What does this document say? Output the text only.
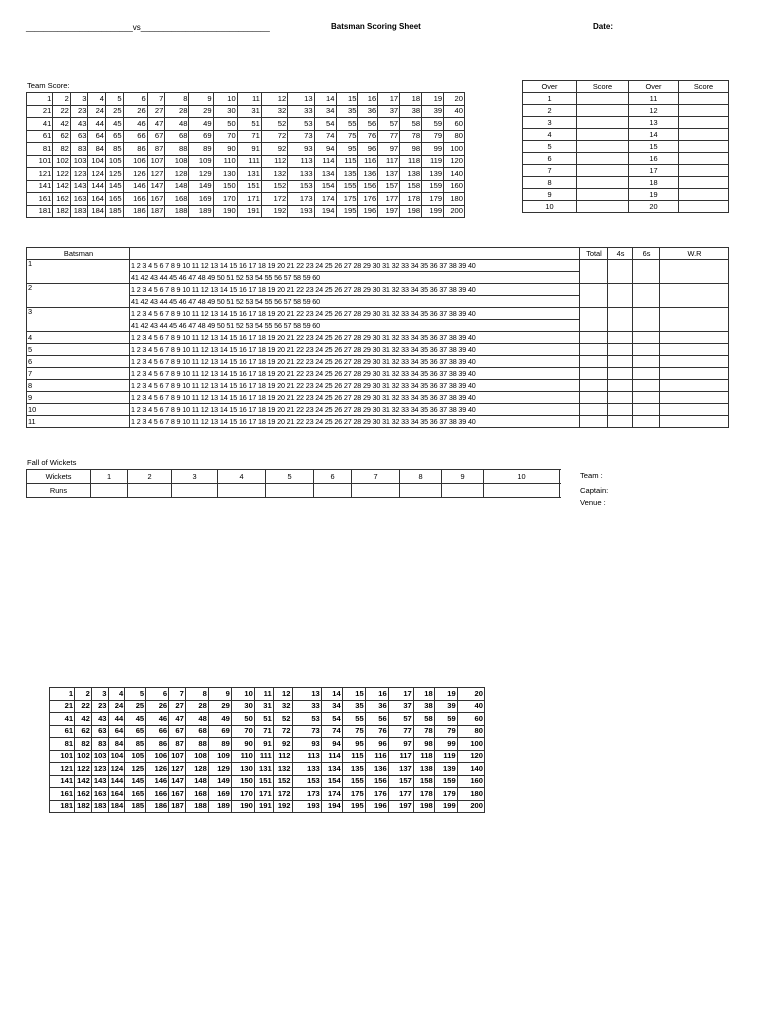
________________________vs_____________________________	Batsman Scoring Sheet	Date:
Team Score:
1	2	3	4	5	6	7	8	9	10	11	12	13	14	15	16	17	18	19	20
21	22	23	24	25	26	27	28	29	30	31	32	33	34	35	36	37	38	39	40
41	42	43	44	45	46	47	48	49	50	51	52	53	54	55	56	57	58	59	60
61	62	63	64	65	66	67	68	69	70	71	72	73	74	75	76	77	78	79	80
81	82	83	84	85	86	87	88	89	90	91	92	93	94	95	96	97	98	99	100
101	102	103	104	105	106	107	108	109	110	111	112	113	114	115	116	117	118	119	120
121	122	123	124	125	126	127	128	129	130	131	132	133	134	135	136	137	138	139	140
141	142	143	144	145	146	147	148	149	150	151	152	153	154	155	156	157	158	159	160
161	162	163	164	165	166	167	168	169	170	171	172	173	174	175	176	177	178	179	180
181	182	183	184	185	186	187	188	189	190	191	192	193	194	195	196	197	198	199	200
Over	Score	Over	Score
1		11	
2		12	
3		13	
4		14	
5		15	
6		16	
7		17	
8		18	
9		19	
10		20	
Batsman		Total	4s	6s	W.R
1	1 2 3 4 5 6 7 8 9 10 11 12 13 14 15 16 17 18 19 20 21 22 23 24 25 26 27 28 29 30 31 32 33 34 35 36 37 38 39 40				
	41 42 43 44 45 46 47 48 49 50 51 52 53 54 55 56 57 58 59 60				
2	1 2 3 4 5 6 7 8 9 10 11 12 13 14 15 16 17 18 19 20 21 22 23 24 25 26 27 28 29 30 31 32 33 34 35 36 37 38 39 40				
	41 42 43 44 45 46 47 48 49 50 51 52 53 54 55 56 57 58 59 60				
3	1 2 3 4 5 6 7 8 9 10 11 12 13 14 15 16 17 18 19 20 21 22 23 24 25 26 27 28 29 30 31 32 33 34 35 36 37 38 39 40				
	41 42 43 44 45 46 47 48 49 50 51 52 53 54 55 56 57 58 59 60				
4	1 2 3 4 5 6 7 8 9 10 11 12 13 14 15 16 17 18 19 20 21 22 23 24 25 26 27 28 29 30 31 32 33 34 35 36 37 38 39 40				
5	1 2 3 4 5 6 7 8 9 10 11 12 13 14 15 16 17 18 19 20 21 22 23 24 25 26 27 28 29 30 31 32 33 34 35 36 37 38 39 40				
6	1 2 3 4 5 6 7 8 9 10 11 12 13 14 15 16 17 18 19 20 21 22 23 24 25 26 27 28 29 30 31 32 33 34 35 36 37 38 39 40				
7	1 2 3 4 5 6 7 8 9 10 11 12 13 14 15 16 17 18 19 20 21 22 23 24 25 26 27 28 29 30 31 32 33 34 35 36 37 38 39 40				
8	1 2 3 4 5 6 7 8 9 10 11 12 13 14 15 16 17 18 19 20 21 22 23 24 25 26 27 28 29 30 31 32 33 34 35 36 37 38 39 40				
9	1 2 3 4 5 6 7 8 9 10 11 12 13 14 15 16 17 18 19 20 21 22 23 24 25 26 27 28 29 30 31 32 33 34 35 36 37 38 39 40				
10	1 2 3 4 5 6 7 8 9 10 11 12 13 14 15 16 17 18 19 20 21 22 23 24 25 26 27 28 29 30 31 32 33 34 35 36 37 38 39 40				
11	1 2 3 4 5 6 7 8 9 10 11 12 13 14 15 16 17 18 19 20 21 22 23 24 25 26 27 28 29 30 31 32 33 34 35 36 37 38 39 40				
Fall of Wickets
Wickets	1	2	3	4	5	6	7	8	9	10
Runs										
Team :
Captain:
Venue :
1	2	3	4	5	6	7	8	9	10	11	12	13	14	15	16	17	18	19	20
21	22	23	24	25	26	27	28	29	30	31	32	33	34	35	36	37	38	39	40
41	42	43	44	45	46	47	48	49	50	51	52	53	54	55	56	57	58	59	60
61	62	63	64	65	66	67	68	69	70	71	72	73	74	75	76	77	78	79	80
81	82	83	84	85	86	87	88	89	90	91	92	93	94	95	96	97	98	99	100
101	102	103	104	105	106	107	108	109	110	111	112	113	114	115	116	117	118	119	120
121	122	123	124	125	126	127	128	129	130	131	132	133	134	135	136	137	138	139	140
141	142	143	144	145	146	147	148	149	150	151	152	153	154	155	156	157	158	159	160
161	162	163	164	165	166	167	168	169	170	171	172	173	174	175	176	177	178	179	180
181	182	183	184	185	186	187	188	189	190	191	192	193	194	195	196	197	198	199	200
